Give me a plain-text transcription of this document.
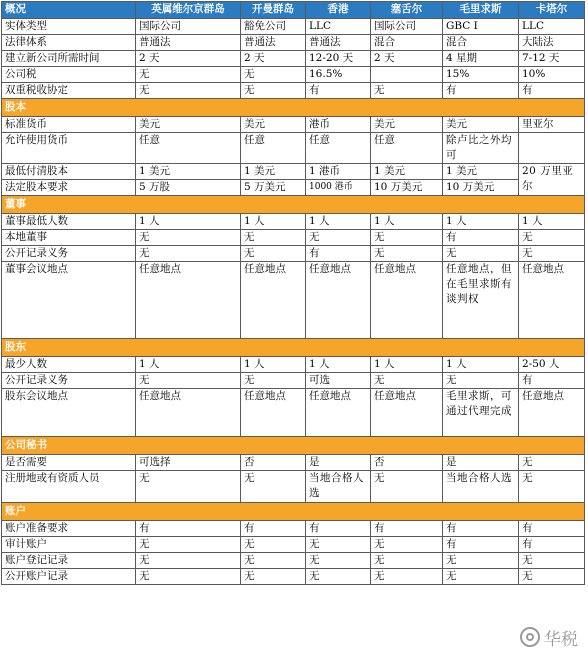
概况	英属维尔京群岛	开曼群岛	香港	塞舌尔	毛里求斯	卡塔尔
实体类型	国际公司	豁免公司	LLC	国际公司	GBC I	LLC
法律体系	普通法	普通法	普通法	混合	混合	大陆法
建立新公司所需时间	2 天	2 天	12-20 天	2 天	4 星期	7-12 天
公司税	无	无	16.5%		15%	10%
双重税收协定	无	无	有	无	有	有
股本						
标准货币	美元	美元	港币	美元	美元	里亚尔
允许使用货币	任意	任意	任意	任意	除卢比之外均可	
最低付清股本	1 美元	1 美元	1 港币	1 美元	1 美元	20 万里亚尔
法定股本要求	5 万股	5 万美元	1000 港币	10 万美元	10 万美元	
董事						
董事最低人数	1 人	1 人	1 人	1 人	1 人	1 人
本地董事	无	无	无	无	有	无
公开记录义务	无	无	有	无	无	无
董事会议地点	任意地点	任意地点	任意地点	任意地点	任意地点，但在毛里求斯有谈判权	任意地点
股东						
最少人数	1 人	1 人	1 人	1 人	1 人	2-50 人
公开记录义务	无	无	可选	无	无	有
股东会议地点	任意地点	任意地点	任意地点	任意地点	毛里求斯，可通过代理完成	任意地点
公司秘书						
是否需要	可选择	否	是	否	是	无
注册地或有资质人员	无	无	当地合格人选	无	当地合格人选	无
账户						
账户准备要求	有	有	有	有	有	有
审计账户	无	无	无	无	有	有
账户登记记录	无	无	无	无	无	无
公开账户记录	无	无	无	无	无	无
华税
